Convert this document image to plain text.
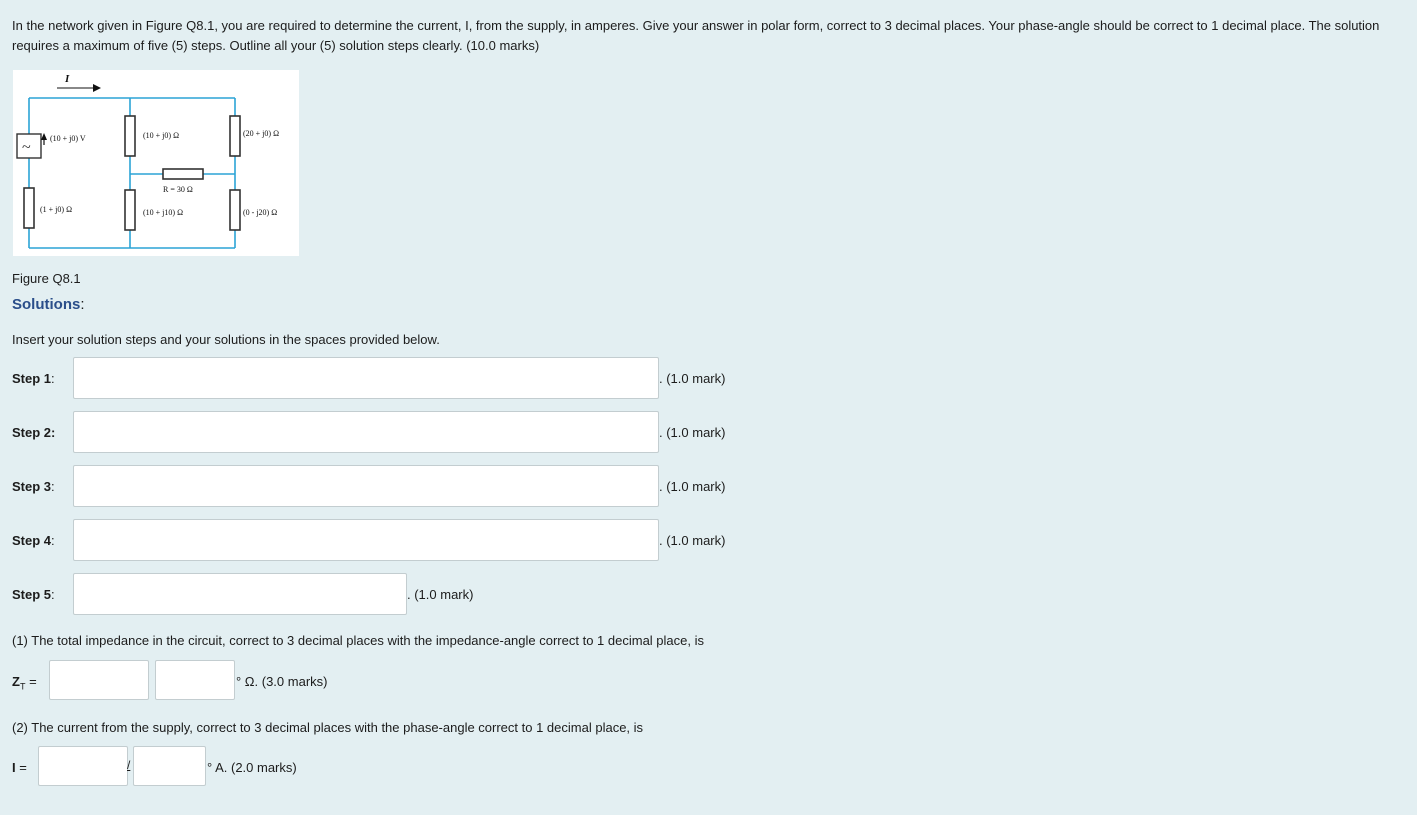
In the network given in Figure Q8.1, you are required to determine the current, I, from the supply, in amperes. Give your answer in polar form, correct to 3 decimal places. Your phase-angle should be correct to 1 decimal place. The solution requires a maximum of five (5) steps. Outline all your (5) solution steps clearly. (10.0 marks)
~
I
(10 + j0) V	(10 + j0) Ω	(20 + j0) Ω
R = 30 Ω
(1 + j0) Ω	(10 + j10) Ω	(0 - j20) Ω
Figure Q8.1
Solutions:
Insert your solution steps and your solutions in the spaces provided below.
Step 1:	. (1.0 mark)
Step 2:	. (1.0 mark)
Step 3:	. (1.0 mark)
Step 4:	. (1.0 mark)
Step 5:	. (1.0 mark)
(1) The total impedance in the circuit, correct to 3 decimal places with the impedance-angle correct to 1 decimal place, is
$Z_T$ =	° Ω. (3.0 marks)
(2) The current from the supply, correct to 3 decimal places with the phase-angle correct to 1 decimal place, is
I =	/	° A. (2.0 marks)
